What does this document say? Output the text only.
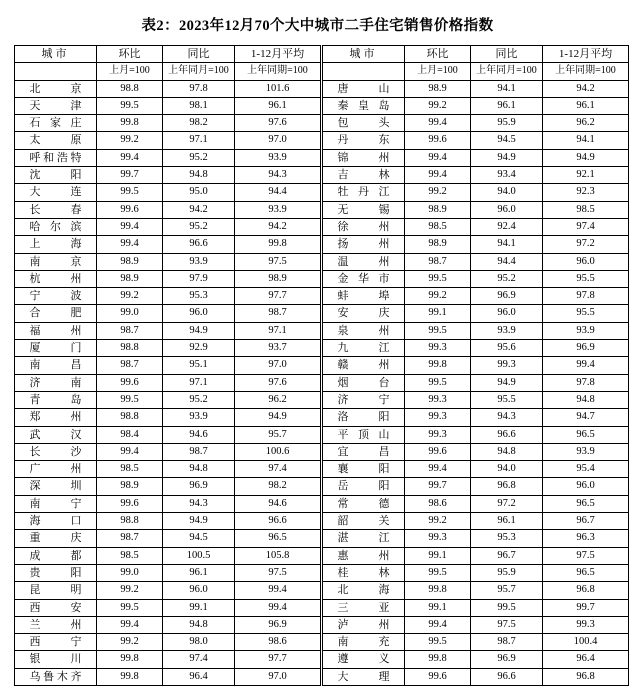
表2：2023年12月70个大中城市二手住宅销售价格指数
城市	环比	同比	1-12月平均		城市	环比	同比	1-12月平均
	上月=100	上年同月=100	上年同期=100			上月=100	上年同月=100	上年同期=100
北　京	98.8	97.8	101.6		唐　山	98.9	94.1	94.2
天　津	99.5	98.1	96.1		秦皇岛	99.2	96.1	96.1
石家庄	99.8	98.2	97.6		包　头	99.4	95.9	96.2
太　原	99.2	97.1	97.0		丹　东	99.6	94.5	94.1
呼和浩特	99.4	95.2	93.9		锦　州	99.4	94.9	94.9
沈　阳	99.7	94.8	94.3		吉　林	99.4	93.4	92.1
大　连	99.5	95.0	94.4		牡丹江	99.2	94.0	92.3
长　春	99.6	94.2	93.9		无　锡	98.9	96.0	98.5
哈尔滨	99.4	95.2	94.2		徐　州	98.5	92.4	97.4
上　海	99.4	96.6	99.8		扬　州	98.9	94.1	97.2
南　京	98.9	93.9	97.5		温　州	98.7	94.4	96.0
杭　州	98.9	97.9	98.9		金华市	99.5	95.2	95.5
宁　波	99.2	95.3	97.7		蚌　埠	99.2	96.9	97.8
合　肥	99.0	96.0	98.7		安　庆	99.1	96.0	95.5
福　州	98.7	94.9	97.1		泉　州	99.5	93.9	93.9
厦　门	98.8	92.9	93.7		九　江	99.3	95.6	96.9
南　昌	98.7	95.1	97.0		赣　州	99.8	99.3	99.4
济　南	99.6	97.1	97.6		烟　台	99.5	94.9	97.8
青　岛	99.5	95.2	96.2		济　宁	99.3	95.5	94.8
郑　州	98.8	93.9	94.9		洛　阳	99.3	94.3	94.7
武　汉	98.4	94.6	95.7		平顶山	99.3	96.6	96.5
长　沙	99.4	98.7	100.6		宜　昌	99.6	94.8	93.9
广　州	98.5	94.8	97.4		襄　阳	99.4	94.0	95.4
深　圳	98.9	96.9	98.2		岳　阳	99.7	96.8	96.0
南　宁	99.6	94.3	94.6		常　德	98.6	97.2	96.5
海　口	98.8	94.9	96.6		韶　关	99.2	96.1	96.7
重　庆	98.7	94.5	96.5		湛　江	99.3	95.3	96.3
成　都	98.5	100.5	105.8		惠　州	99.1	96.7	97.5
贵　阳	99.0	96.1	97.5		桂　林	99.5	95.9	96.5
昆　明	99.2	96.0	99.4		北　海	99.8	95.7	96.8
西　安	99.5	99.1	99.4		三　亚	99.1	99.5	99.7
兰　州	99.4	94.8	96.9		泸　州	99.4	97.5	99.3
西　宁	99.2	98.0	98.6		南　充	99.5	98.7	100.4
银　川	99.8	97.4	97.7		遵　义	99.8	96.9	96.4
乌鲁木齐	99.8	96.4	97.0		大　理	99.6	96.6	96.8
